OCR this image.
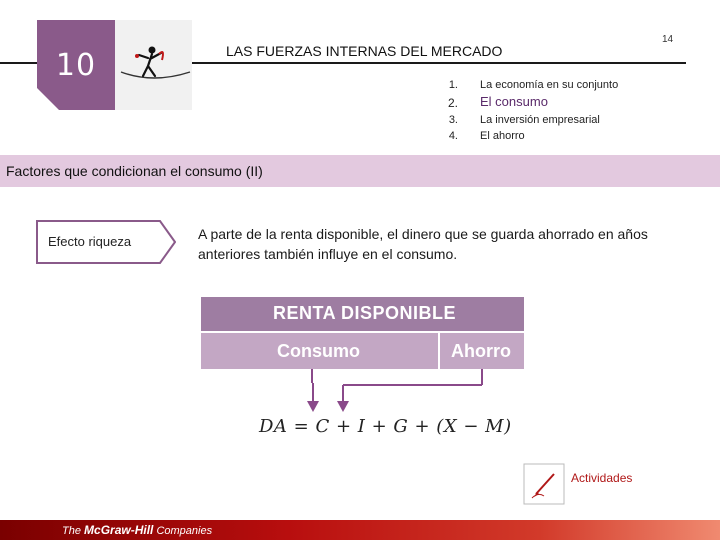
10
14
LAS FUERZAS INTERNAS DEL MERCADO
1. La economía en su conjunto
2. El consumo
3. La inversión empresarial
4. El ahorro
Factores que condicionan el consumo (II)
Efecto riqueza	A parte de la renta disponible, el dinero que se guarda ahorrado en años anteriores también influye en el consumo.
RENTA DISPONIBLE
Consumo	Ahorro
DA = C + I + G + (X − M)
Actividades
The McGraw-Hill Companies
